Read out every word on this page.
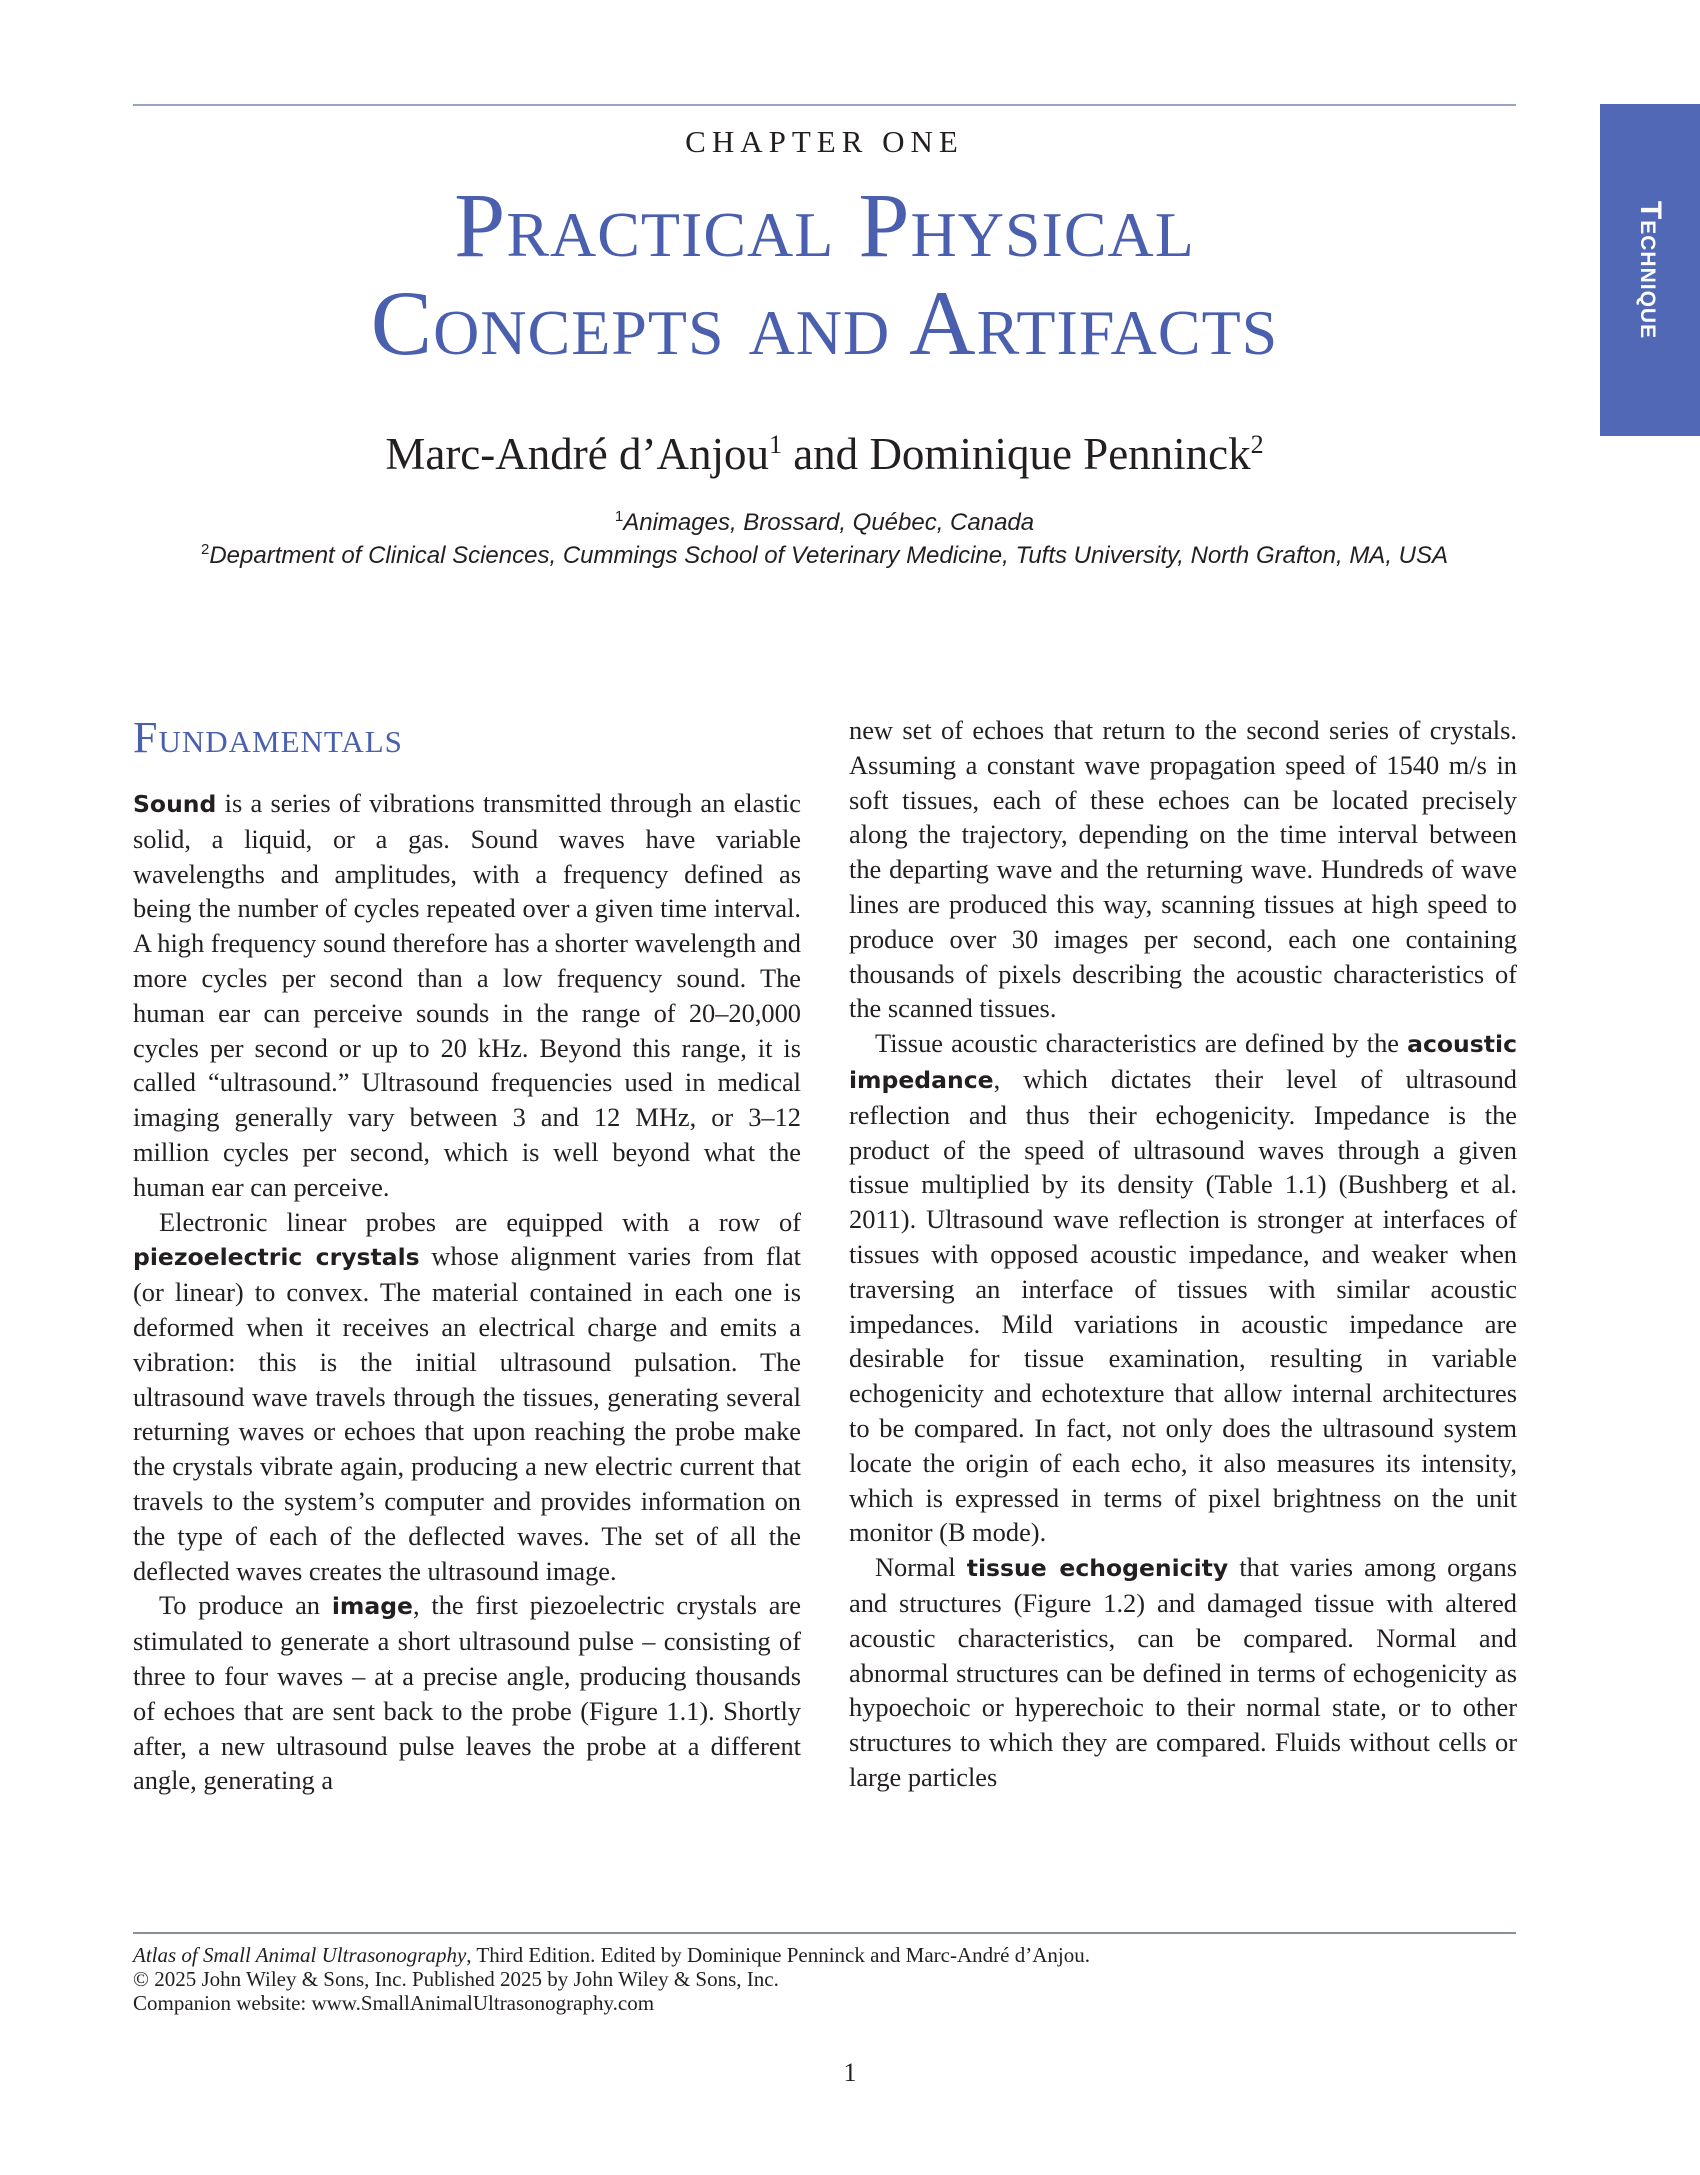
Technique
CHAPTER ONE
Practical Physical
Concepts and Artifacts
Marc-André d’Anjou$^1$ and Dominique Penninck$^2$
$^1$Animages, Brossard, Québec, Canada
$^2$Department of Clinical Sciences, Cummings School of Veterinary Medicine, Tufts University, North Grafton, MA, USA
Fundamentals

Sound is a series of vibrations transmitted through an elastic solid, a liquid, or a gas. Sound waves have variable wavelengths and amplitudes, with a frequency defined as being the number of cycles repeated over a given time interval. A high frequency sound therefore has a shorter wavelength and more cycles per second than a low frequency sound. The human ear can perceive sounds in the range of 20–20,000 cycles per second or up to 20 kHz. Beyond this range, it is called “ultrasound.” Ultrasound frequencies used in medical imaging generally vary between 3 and 12 MHz, or 3–12 million cycles per second, which is well beyond what the human ear can perceive.

Electronic linear probes are equipped with a row of piezoelectric crystals whose alignment varies from flat (or linear) to convex. The material contained in each one is deformed when it receives an electrical charge and emits a vibration: this is the initial ultrasound pulsation. The ultrasound wave travels through the tissues, generating several returning waves or echoes that upon reaching the probe make the crystals vibrate again, producing a new electric current that travels to the system’s computer and provides information on the type of each of the deflected waves. The set of all the deflected waves creates the ultrasound image.

To produce an image, the first piezoelectric crystals are stimulated to generate a short ultrasound pulse – consisting of three to four waves – at a precise angle, producing thousands of echoes that are sent back to the probe (Figure 1.1). Shortly after, a new ultrasound pulse leaves the probe at a different angle, generating a

new set of echoes that return to the second series of crystals. Assuming a constant wave propagation speed of 1540 m/s in soft tissues, each of these echoes can be located precisely along the trajectory, depending on the time interval between the departing wave and the returning wave. Hundreds of wave lines are produced this way, scanning tissues at high speed to produce over 30 images per second, each one containing thousands of pixels describing the acoustic characteristics of the scanned tissues.

Tissue acoustic characteristics are defined by the acoustic impedance, which dictates their level of ultrasound reflection and thus their echogenicity. Impedance is the product of the speed of ultrasound waves through a given tissue multiplied by its density (Table 1.1) (Bushberg et al. 2011). Ultrasound wave reflection is stronger at interfaces of tissues with opposed acoustic impedance, and weaker when traversing an interface of tissues with similar acoustic impedances. Mild variations in acoustic impedance are desirable for tissue examination, resulting in variable echogenicity and echotexture that allow internal architectures to be compared. In fact, not only does the ultrasound system locate the origin of each echo, it also measures its intensity, which is expressed in terms of pixel brightness on the unit monitor (B mode).

Normal tissue echogenicity that varies among organs and structures (Figure 1.2) and damaged tissue with altered acoustic characteristics, can be compared. Normal and abnormal structures can be defined in terms of echogenicity as hypoechoic or hyperechoic to their normal state, or to other structures to which they are compared. Fluids without cells or large particles

Atlas of Small Animal Ultrasonography, Third Edition. Edited by Dominique Penninck and Marc-André d’Anjou.
© 2025 John Wiley & Sons, Inc. Published 2025 by John Wiley & Sons, Inc.
Companion website: www.SmallAnimalUltrasonography.com
1
